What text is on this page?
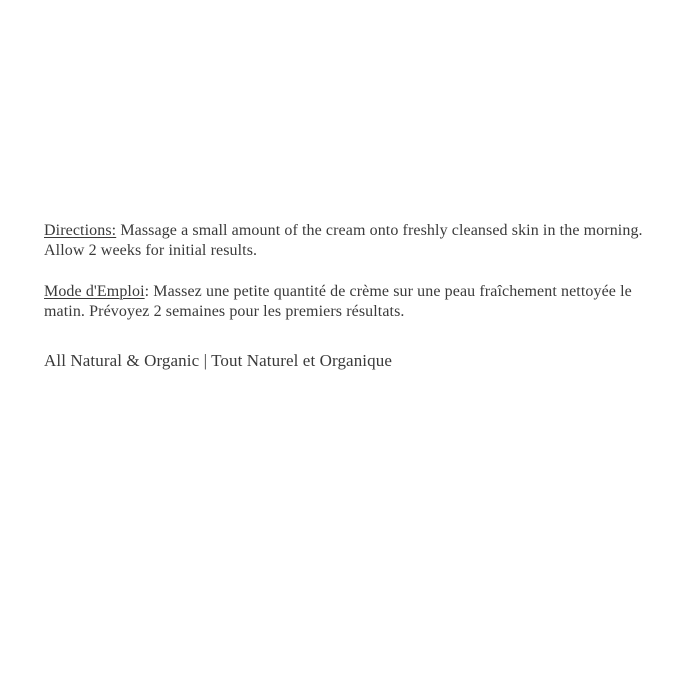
Directions: Massage a small amount of the cream onto freshly cleansed skin in the morning. Allow 2 weeks for initial results.

Mode d'Emploi: Massez une petite quantité de crème sur une peau fraîchement nettoyée le matin. Prévoyez 2 semaines pour les premiers résultats.

All Natural & Organic | Tout Naturel et Organique
